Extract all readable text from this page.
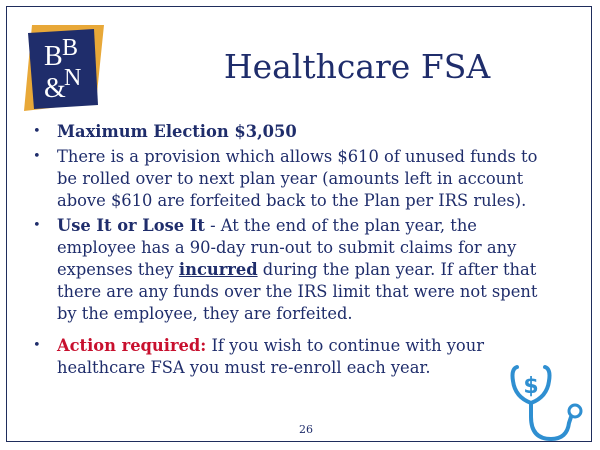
B B
&
N	Healthcare FSA
• Maximum Election $3,050
• There is a provision which allows $610 of unused funds to be rolled over to next plan year (amounts left in account above $610 are forfeited back to the Plan per IRS rules).
• Use It or Lose It - At the end of the plan year, the employee has a 90-day run-out to submit claims for any expenses they incurred during the plan year. If after that there are any funds over the IRS limit that were not spent by the employee, they are forfeited.
• Action required: If you wish to continue with your healthcare FSA you must re-enroll each year.
$
26
